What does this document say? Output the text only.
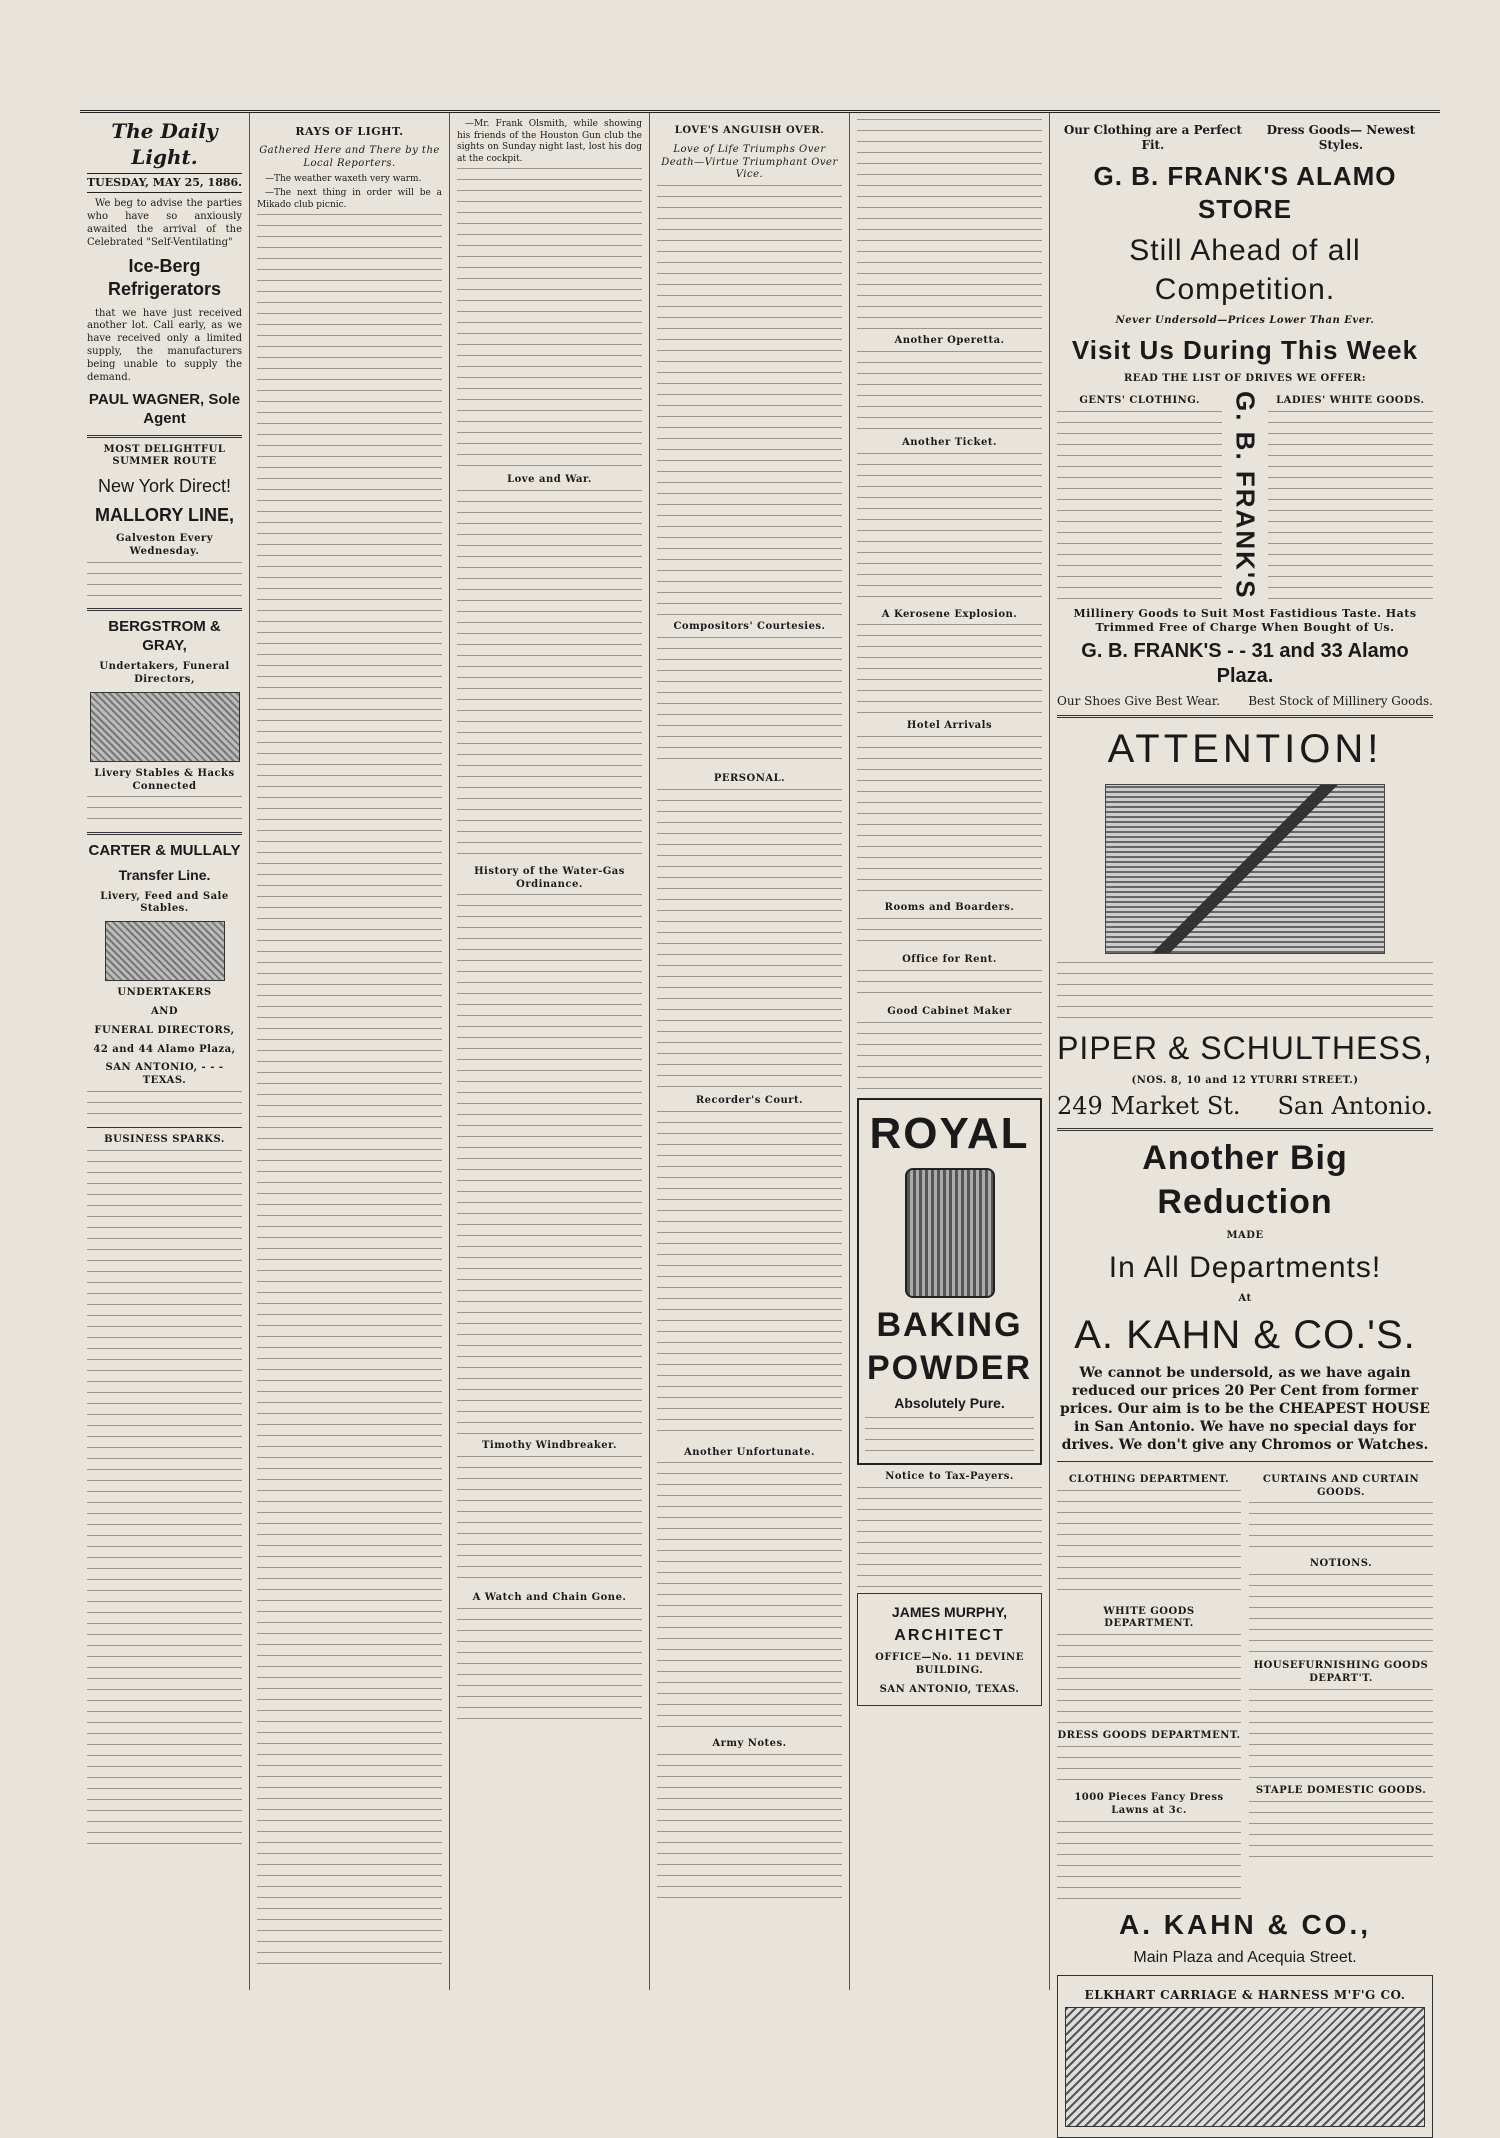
The Daily Light.
TUESDAY, MAY 25, 1886.
We beg to advise the parties who have so anxiously awaited the arrival of the Celebrated "Self-Ventilating"
Ice-Berg Refrigerators
that we have just received another lot. Call early, as we have received only a limited supply, the manufacturers being unable to supply the demand.
PAUL WAGNER, Sole Agent
MOST DELIGHTFUL SUMMER ROUTE
New York Direct!
MALLORY LINE,
Galveston Every Wednesday.
BERGSTROM & GRAY,
Undertakers, Funeral Directors,
Livery Stables & Hacks Connected
CARTER & MULLALY
Transfer Line.
Livery, Feed and Sale Stables.
UNDERTAKERS
AND
FUNERAL DIRECTORS,
42 and 44 Alamo Plaza,
SAN ANTONIO, - - - TEXAS.
BUSINESS SPARKS.
RAYS OF LIGHT.
Gathered Here and There by the Local Reporters.
—The weather waxeth very warm.
—The next thing in order will be a Mikado club picnic.
—Mr. Frank Olsmith, while showing his friends of the Houston Gun club the sights on Sunday night last, lost his dog at the cockpit.
Love and War.
History of the Water-Gas Ordinance.
Timothy Windbreaker.
A Watch and Chain Gone.
LOVE'S ANGUISH OVER.
Love of Life Triumphs Over Death—Virtue Triumphant Over Vice.
Compositors' Courtesies.
PERSONAL.
Recorder's Court.
Another Unfortunate.
Army Notes.
Another Operetta.
Another Ticket.
A Kerosene Explosion.
Hotel Arrivals
Rooms and Boarders.
Office for Rent.
Good Cabinet Maker
ROYAL
BAKING
POWDER
Absolutely Pure.
Notice to Tax-Payers.
JAMES MURPHY,
ARCHITECT
OFFICE—No. 11 DEVINE BUILDING.
SAN ANTONIO, TEXAS.
Our Clothing are a Perfect Fit.
Dress Goods— Newest Styles.
G. B. FRANK'S ALAMO STORE
Still Ahead of all Competition.
Never Undersold—Prices Lower Than Ever.
Visit Us During This Week
READ THE LIST OF DRIVES WE OFFER:
GENTS' CLOTHING.	G. B. FRANK'S	LADIES' WHITE GOODS.
Millinery Goods to Suit Most Fastidious Taste. Hats Trimmed Free of Charge When Bought of Us.
G. B. FRANK'S - - 31 and 33 Alamo Plaza.
Our Shoes Give Best Wear. Best Stock of Millinery Goods.
ATTENTION!
PIPER & SCHULTHESS,
(NOS. 8, 10 and 12 YTURRI STREET.)
249 Market St. San Antonio.
Another Big Reduction
MADE
In All Departments!
At
A. KAHN & CO.'S.
We cannot be undersold, as we have again reduced our prices 20 Per Cent from former prices. Our aim is to be the CHEAPEST HOUSE in San Antonio. We have no special days for drives. We don't give any Chromos or Watches.
CLOTHING DEPARTMENT.
WHITE GOODS DEPARTMENT.
DRESS GOODS DEPARTMENT.
1000 Pieces Fancy Dress Lawns at 3c.
CURTAINS AND CURTAIN GOODS.
NOTIONS.
HOUSEFURNISHING GOODS DEPART'T.
STAPLE DOMESTIC GOODS.
A. KAHN & CO.,
Main Plaza and Acequia Street.
ELKHART CARRIAGE & HARNESS M'F'G CO.
